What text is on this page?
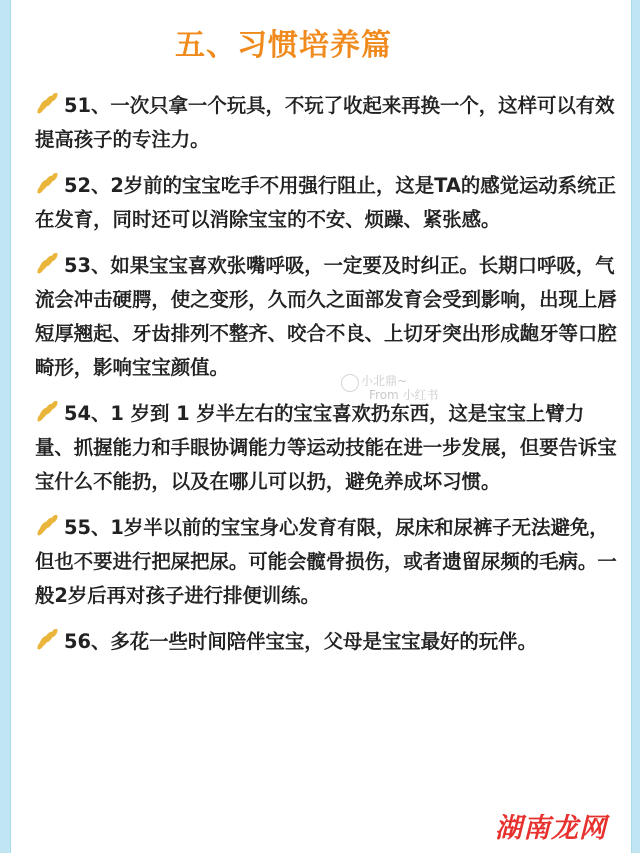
五、习惯培养篇
51、一次只拿一个玩具，不玩了收起来再换一个，这样可以有效提高孩子的专注力。
52、2岁前的宝宝吃手不用强行阻止，这是TA的感觉运动系统正在发育，同时还可以消除宝宝的不安、烦躁、紧张感。
53、如果宝宝喜欢张嘴呼吸，一定要及时纠正。长期口呼吸，气流会冲击硬腭，使之变形，久而久之面部发育会受到影响，出现上唇短厚翘起、牙齿排列不整齐、咬合不良、上切牙突出形成龅牙等口腔畸形，影响宝宝颜值。
54、1 岁到 1 岁半左右的宝宝喜欢扔东西，这是宝宝上臂力量、抓握能力和手眼协调能力等运动技能在进一步发展，但要告诉宝宝什么不能扔，以及在哪儿可以扔，避免养成坏习惯。
55、1岁半以前的宝宝身心发育有限，尿床和尿裤子无法避免，但也不要进行把屎把尿。可能会髋骨损伤，或者遗留尿频的毛病。一般2岁后再对孩子进行排便训练。
56、多花一些时间陪伴宝宝，父母是宝宝最好的玩伴。
小北鼎~
From 小红书
湖南龙网
